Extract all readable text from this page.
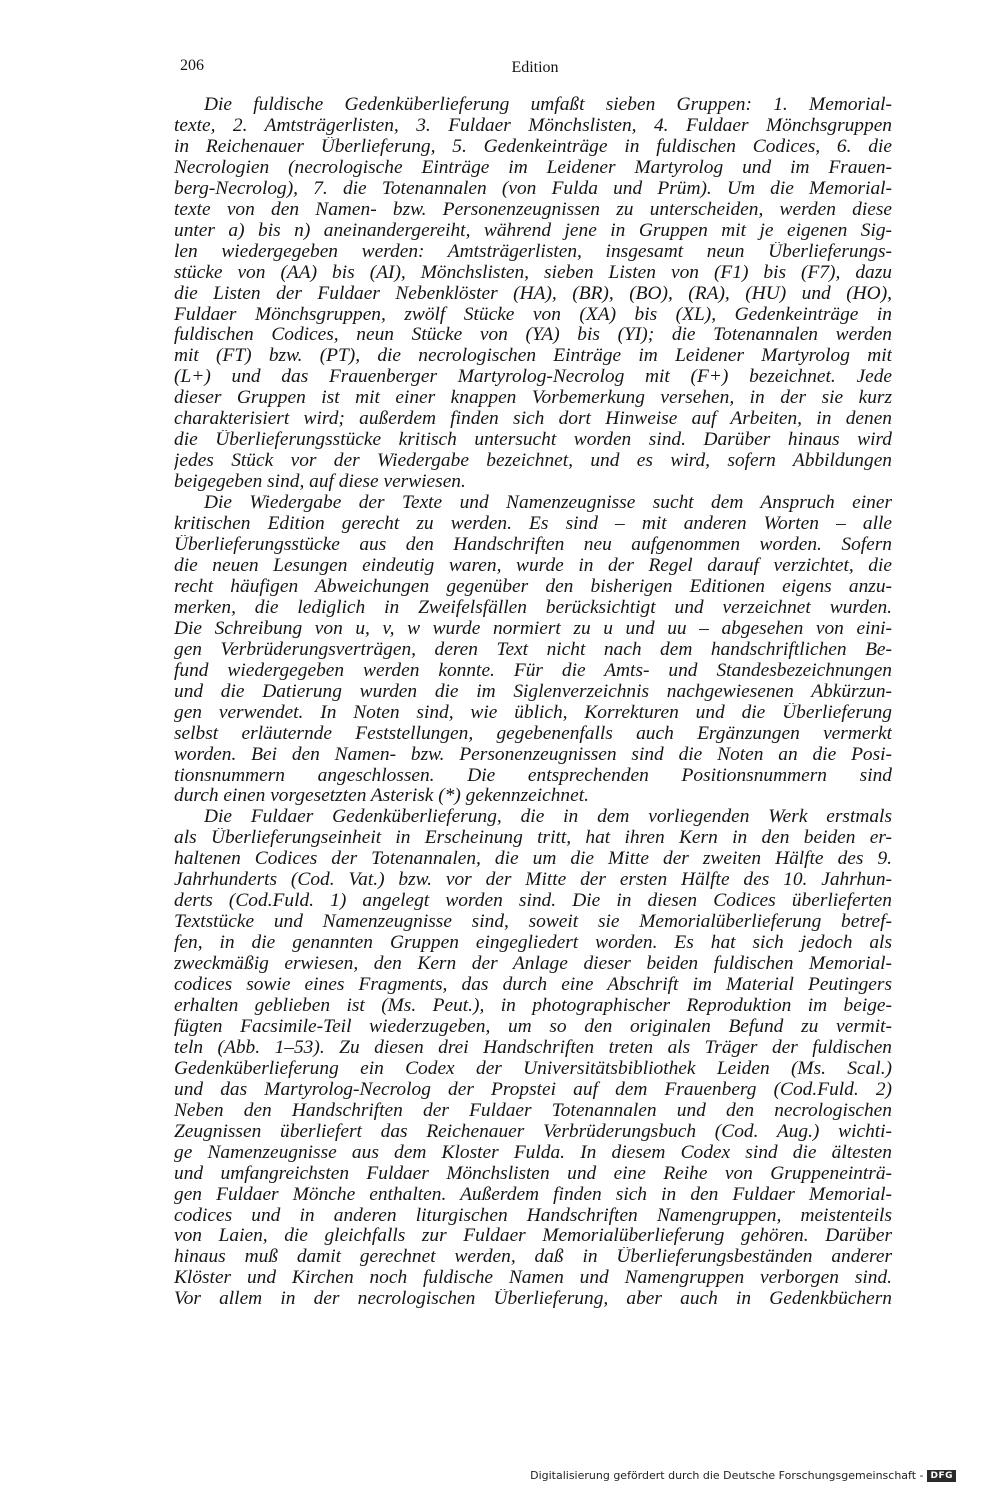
206	Edition
Die fuldische Gedenküberlieferung umfaßt sieben Gruppen: 1. Memorial-
texte, 2. Amtsträgerlisten, 3. Fuldaer Mönchslisten, 4. Fuldaer Mönchsgruppen
in Reichenauer Überlieferung, 5. Gedenkeinträge in fuldischen Codices, 6. die
Necrologien (necrologische Einträge im Leidener Martyrolog und im Frauen-
berg-Necrolog), 7. die Totenannalen (von Fulda und Prüm). Um die Memorial-
texte von den Namen- bzw. Personenzeugnissen zu unterscheiden, werden diese
unter a) bis n) aneinandergereiht, während jene in Gruppen mit je eigenen Sig-
len wiedergegeben werden: Amtsträgerlisten, insgesamt neun Überlieferungs-
stücke von (AA) bis (AI), Mönchslisten, sieben Listen von (F1) bis (F7), dazu
die Listen der Fuldaer Nebenklöster (HA), (BR), (BO), (RA), (HU) und (HO),
Fuldaer Mönchsgruppen, zwölf Stücke von (XA) bis (XL), Gedenkeinträge in
fuldischen Codices, neun Stücke von (YA) bis (YI); die Totenannalen werden
mit (FT) bzw. (PT), die necrologischen Einträge im Leidener Martyrolog mit
(L+) und das Frauenberger Martyrolog-Necrolog mit (F+) bezeichnet. Jede
dieser Gruppen ist mit einer knappen Vorbemerkung versehen, in der sie kurz
charakterisiert wird; außerdem finden sich dort Hinweise auf Arbeiten, in denen
die Überlieferungsstücke kritisch untersucht worden sind. Darüber hinaus wird
jedes Stück vor der Wiedergabe bezeichnet, und es wird, sofern Abbildungen
beigegeben sind, auf diese verwiesen.
Die Wiedergabe der Texte und Namenzeugnisse sucht dem Anspruch einer
kritischen Edition gerecht zu werden. Es sind – mit anderen Worten – alle
Überlieferungsstücke aus den Handschriften neu aufgenommen worden. Sofern
die neuen Lesungen eindeutig waren, wurde in der Regel darauf verzichtet, die
recht häufigen Abweichungen gegenüber den bisherigen Editionen eigens anzu-
merken, die lediglich in Zweifelsfällen berücksichtigt und verzeichnet wurden.
Die Schreibung von u, v, w wurde normiert zu u und uu – abgesehen von eini-
gen Verbrüderungsverträgen, deren Text nicht nach dem handschriftlichen Be-
fund wiedergegeben werden konnte. Für die Amts- und Standesbezeichnungen
und die Datierung wurden die im Siglenverzeichnis nachgewiesenen Abkürzun-
gen verwendet. In Noten sind, wie üblich, Korrekturen und die Überlieferung
selbst erläuternde Feststellungen, gegebenenfalls auch Ergänzungen vermerkt
worden. Bei den Namen- bzw. Personenzeugnissen sind die Noten an die Posi-
tionsnummern angeschlossen. Die entsprechenden Positionsnummern sind
durch einen vorgesetzten Asterisk (*) gekennzeichnet.
Die Fuldaer Gedenküberlieferung, die in dem vorliegenden Werk erstmals
als Überlieferungseinheit in Erscheinung tritt, hat ihren Kern in den beiden er-
haltenen Codices der Totenannalen, die um die Mitte der zweiten Hälfte des 9.
Jahrhunderts (Cod. Vat.) bzw. vor der Mitte der ersten Hälfte des 10. Jahrhun-
derts (Cod.Fuld. 1) angelegt worden sind. Die in diesen Codices überlieferten
Textstücke und Namenzeugnisse sind, soweit sie Memorialüberlieferung betref-
fen, in die genannten Gruppen eingegliedert worden. Es hat sich jedoch als
zweckmäßig erwiesen, den Kern der Anlage dieser beiden fuldischen Memorial-
codices sowie eines Fragments, das durch eine Abschrift im Material Peutingers
erhalten geblieben ist (Ms. Peut.), in photographischer Reproduktion im beige-
fügten Facsimile-Teil wiederzugeben, um so den originalen Befund zu vermit-
teln (Abb. 1–53). Zu diesen drei Handschriften treten als Träger der fuldischen
Gedenküberlieferung ein Codex der Universitätsbibliothek Leiden (Ms. Scal.)
und das Martyrolog-Necrolog der Propstei auf dem Frauenberg (Cod.Fuld. 2)
Neben den Handschriften der Fuldaer Totenannalen und den necrologischen
Zeugnissen überliefert das Reichenauer Verbrüderungsbuch (Cod. Aug.) wichti-
ge Namenzeugnisse aus dem Kloster Fulda. In diesem Codex sind die ältesten
und umfangreichsten Fuldaer Mönchslisten und eine Reihe von Gruppeneinträ-
gen Fuldaer Mönche enthalten. Außerdem finden sich in den Fuldaer Memorial-
codices und in anderen liturgischen Handschriften Namengruppen, meistenteils
von Laien, die gleichfalls zur Fuldaer Memorialüberlieferung gehören. Darüber
hinaus muß damit gerechnet werden, daß in Überlieferungsbeständen anderer
Klöster und Kirchen noch fuldische Namen und Namengruppen verborgen sind.
Vor allem in der necrologischen Überlieferung, aber auch in Gedenkbüchern
Digitalisierung gefördert durch die Deutsche Forschungsgemeinschaft - DFG
